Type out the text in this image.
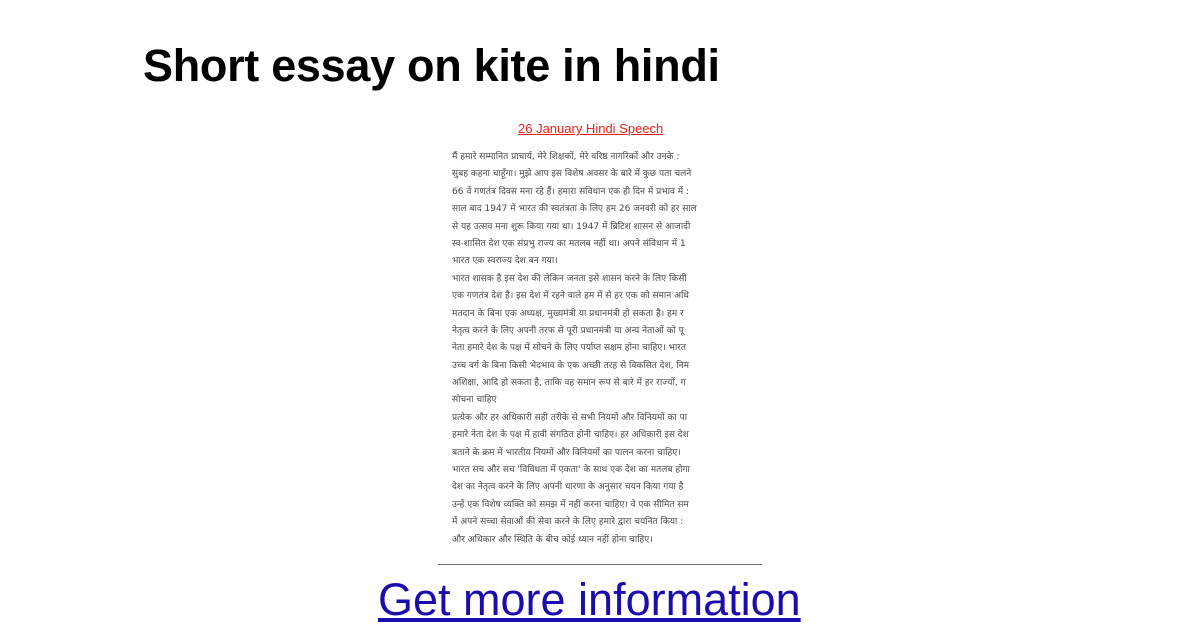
Short essay on kite in hindi
26 January Hindi Speech
मैं हमारे सम्मानित प्राचार्य, मेरे शिक्षकों, मेरे वरिष्ठ नागरिकों और उनके :
सुबह कहना चाहूँगा। मुझे आप इस विशेष अवसर के बारे में कुछ पता चलने
66 वें गणतंत्र दिवस मना रहे हैं। हमारा संविधान एक ही दिन में प्रभाव में :
साल बाद 1947 में भारत की स्वतंत्रता के लिए हम 26 जनवरी को हर साल
से यह उत्सव मना शुरू किया गया था। 1947 में ब्रिटिश शासन से आजादी
स्व-शासित देश एक संप्रभु राज्य का मतलब नहीं था। अपने संविधान में 1
भारत एक स्वराज्य देश बन गया।
भारत शासक है इस देश की लेकिन जनता इसे शासन करने के लिए किसी
एक गणतंत्र देश है। इस देश में रहने वाले हम में से हर एक को समान अधि
मतदान के बिना एक अध्यक्ष, मुख्यमंत्री या प्रधानमंत्री हो सकता है। हम र
नेतृत्व करने के लिए अपनी तरफ से पूरी प्रधानमंत्री या अन्य नेताओं को पू
नेता हमारे देश के पक्ष में सोचने के लिए पर्याप्त सक्षम होना चाहिए। भारत
उच्च वर्ग के बिना किसी भेदभाव के एक अच्छी तरह से विकसित देश, निम
अशिक्षा, आदि हो सकता है, ताकि वह समान रूप से बारे में हर राज्यों, ग
सोचना चाहिए
प्रत्येक और हर अधिकारी सही तरीके से सभी नियमों और विनियमों का पा
हमारे नेता देश के पक्ष में हावी संगठित होनी चाहिए। हर अधिकारी इस देश
बताने के क्रम में भारतीय नियमों और विनियमों का पालन करना चाहिए।
भारत सच और सच 'विविधता में एकता' के साथ एक देश का मतलब होगा
देश का नेतृत्व करने के लिए अपनी धारणा के अनुसार चयन किया गया है
उन्हें एक विशेष व्यक्ति को समझ में नहीं करना चाहिए। वे एक सीमित सम
में अपने सच्चा सेवाओं की सेवा करने के लिए हमारे द्वारा चयनित किया :
और अधिकार और स्थिति के बीच कोई ध्यान नहीं होना चाहिए।
Get more information
